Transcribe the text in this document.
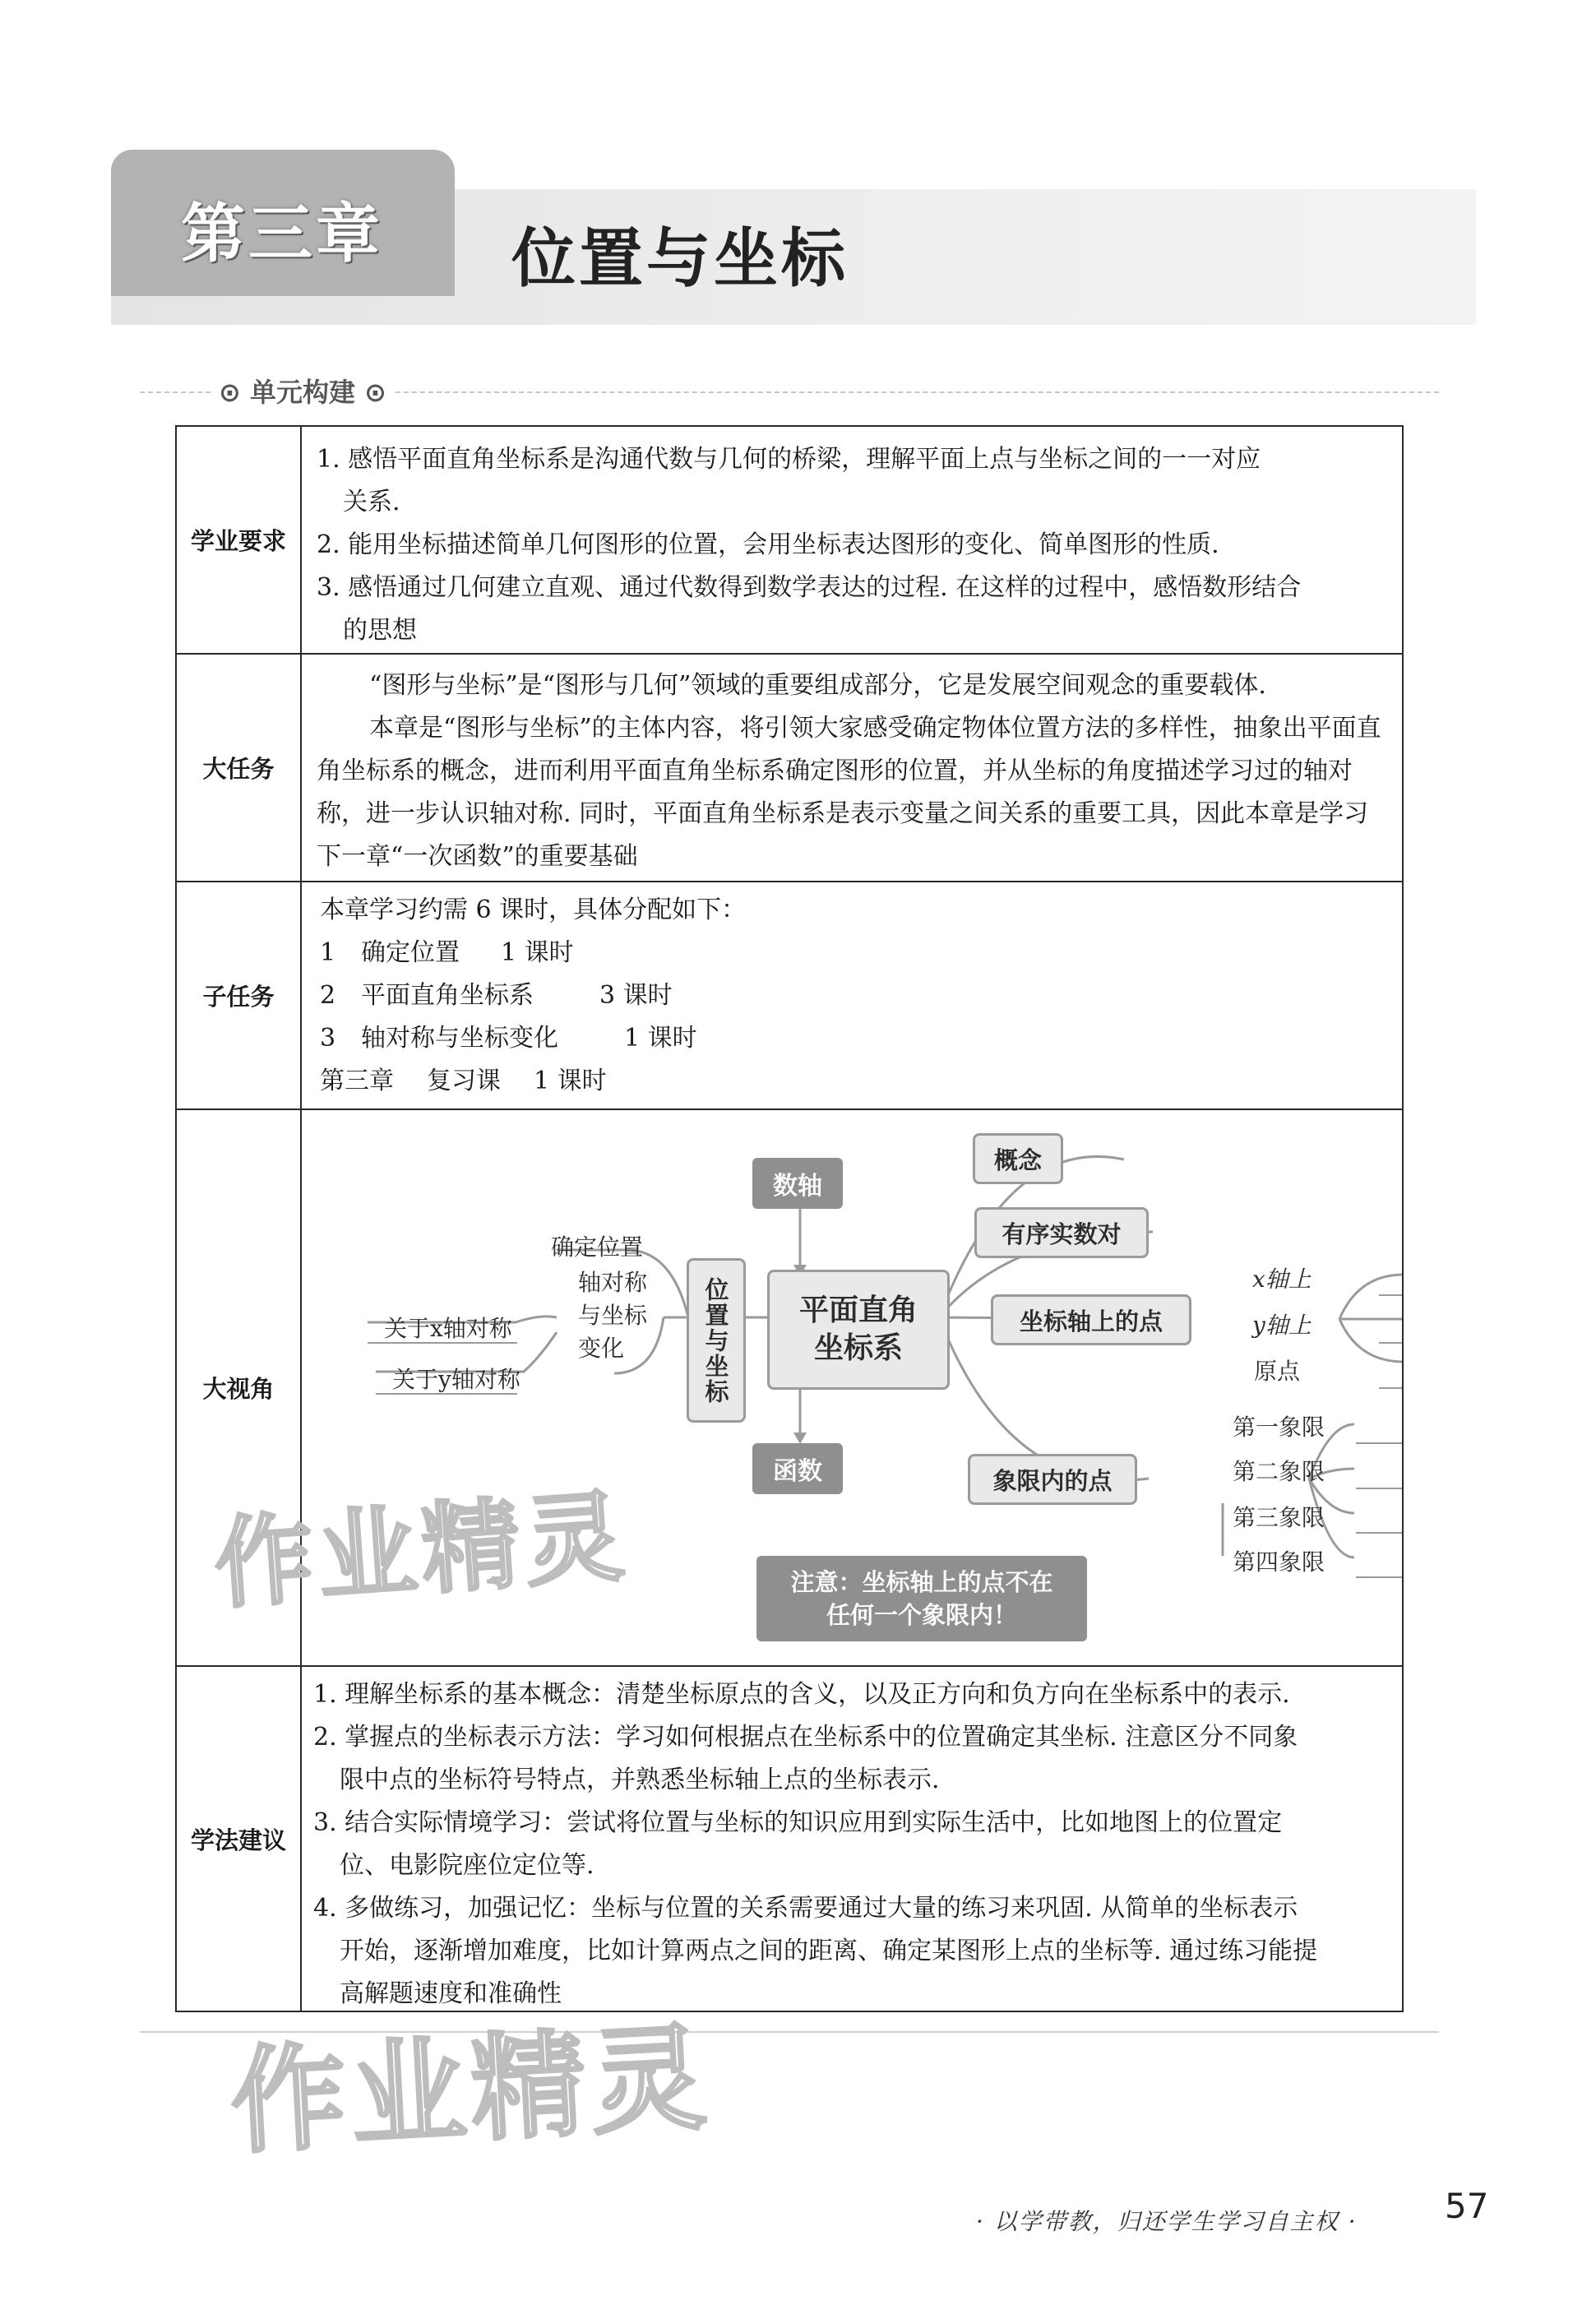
第三章 位置与坐标
⊙ 单元构建 ⊙
学业要求

1. 感悟平面直角坐标系是沟通代数与几何的桥梁，理解平面上点与坐标之间的一一对应

关系.

2. 能用坐标描述简单几何图形的位置，会用坐标表达图形的变化、简单图形的性质.

3. 感悟通过几何建立直观、通过代数得到数学表达的过程. 在这样的过程中，感悟数形结合

的思想

大任务

“图形与坐标”是“图形与几何”领域的重要组成部分，它是发展空间观念的重要载体.

本章是“图形与坐标”的主体内容，将引领大家感受确定物体位置方法的多样性，抽象出平面直角坐标系的概念，进而利用平面直角坐标系确定图形的位置，并从坐标的角度描述学习过的轴对称，进一步认识轴对称. 同时，平面直角坐标系是表示变量之间关系的重要工具，因此本章是学习下一章“一次函数”的重要基础

子任务

本章学习约需 6 课时，具体分配如下：

1 确定位置 1 课时

2 平面直角坐标系	3 课时

3 轴对称与坐标变化	1 课时

第三章 复习课 1 课时

大视角
数轴
函数
平面直角
坐标系
位置与坐标
概念
有序实数对
坐标轴上的点
象限内的点
注意：坐标轴上的点不在
任何一个象限内！
确定位置
轴对称
与坐标
变化
关于x轴对称
关于y轴对称
x轴上
y轴上
原点
第一象限
第二象限
第三象限
第四象限
作业精灵
学法建议

1. 理解坐标系的基本概念：清楚坐标原点的含义，以及正方向和负方向在坐标系中的表示.

2. 掌握点的坐标表示方法：学习如何根据点在坐标系中的位置确定其坐标. 注意区分不同象

限中点的坐标符号特点，并熟悉坐标轴上点的坐标表示.

3. 结合实际情境学习：尝试将位置与坐标的知识应用到实际生活中，比如地图上的位置定

位、电影院座位定位等.

4. 多做练习，加强记忆：坐标与位置的关系需要通过大量的练习来巩固. 从简单的坐标表示

开始，逐渐增加难度，比如计算两点之间的距离、确定某图形上点的坐标等. 通过练习能提

高解题速度和准确性

作业精灵
· 以学带教，归还学生学习自主权 ·	57
